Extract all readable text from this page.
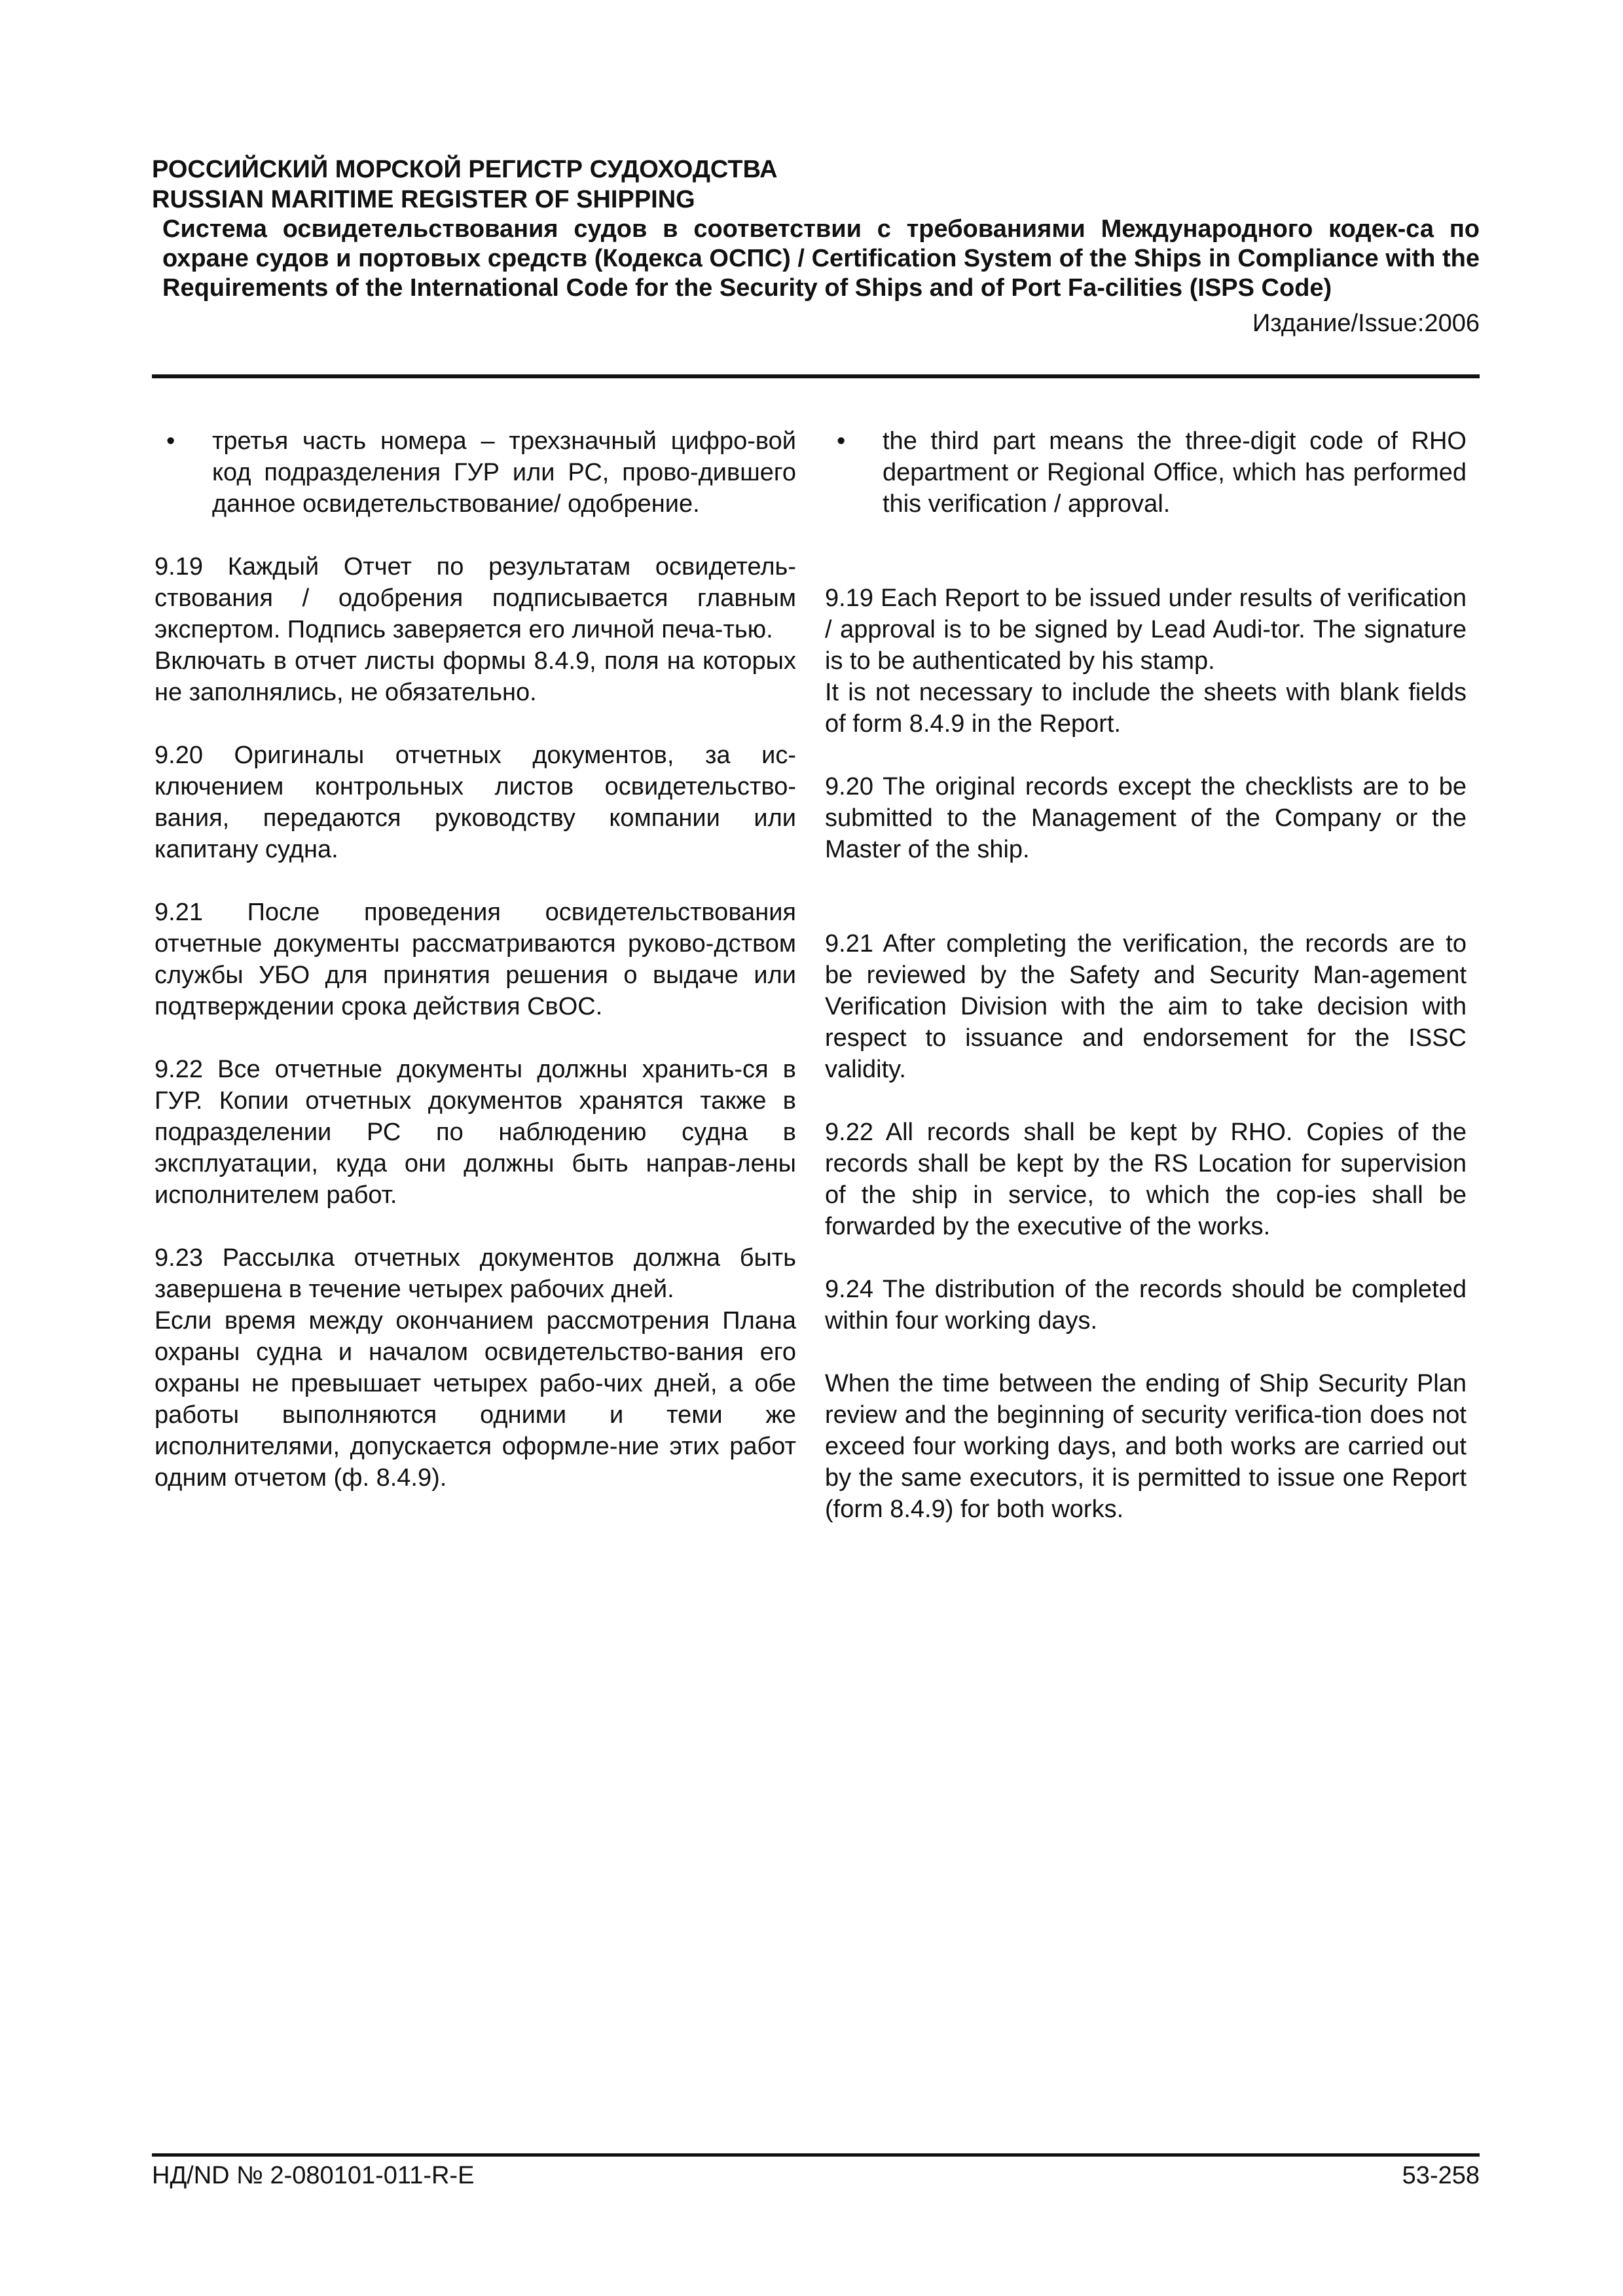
РОССИЙСКИЙ МОРСКОЙ РЕГИСТР СУДОХОДСТВА
RUSSIAN MARITIME REGISTER OF SHIPPING
Система освидетельствования судов в соответствии с требованиями Международного кодек-са по охране судов и портовых средств (Кодекса ОСПС) / Certification System of the Ships in Compliance with the Requirements of the International Code for the Security of Ships and of Port Fa-cilities (ISPS Code)
Издание/Issue:2006
• третья часть номера – трехзначный цифро-вой код подразделения ГУР или РС, прово-дившего данное освидетельствование/ одобрение.

9.19 Каждый Отчет по результатам освидетель-ствования / одобрения подписывается главным экспертом. Подпись заверяется его личной печа-тью.

Включать в отчет листы формы 8.4.9, поля на которых не заполнялись, не обязательно.

9.20 Оригиналы отчетных документов, за ис-ключением контрольных листов освидетельство-вания, передаются руководству компании или капитану судна.

9.21 После проведения освидетельствования отчетные документы рассматриваются руково-дством службы УБО для принятия решения о выдаче или подтверждении срока действия СвОС.

9.22 Все отчетные документы должны хранить-ся в ГУР. Копии отчетных документов хранятся также в подразделении РС по наблюдению судна в эксплуатации, куда они должны быть направ-лены исполнителем работ.

9.23 Рассылка отчетных документов должна быть завершена в течение четырех рабочих дней.

Если время между окончанием рассмотрения Плана охраны судна и началом освидетельство-вания его охраны не превышает четырех рабо-чих дней, а обе работы выполняются одними и теми же исполнителями, допускается оформле-ние этих работ одним отчетом (ф. 8.4.9).

• the third part means the three-digit code of RHO department or Regional Office, which has performed this verification / approval.

9.19 Each Report to be issued under results of verification / approval is to be signed by Lead Audi-tor. The signature is to be authenticated by his stamp.

It is not necessary to include the sheets with blank fields of form 8.4.9 in the Report.

9.20 The original records except the checklists are to be submitted to the Management of the Company or the Master of the ship.

9.21 After completing the verification, the records are to be reviewed by the Safety and Security Man-agement Verification Division with the aim to take decision with respect to issuance and endorsement for the ISSC validity.

9.22 All records shall be kept by RHO. Copies of the records shall be kept by the RS Location for supervision of the ship in service, to which the cop-ies shall be forwarded by the executive of the works.

9.24 The distribution of the records should be completed within four working days.

When the time between the ending of Ship Security Plan review and the beginning of security verifica-tion does not exceed four working days, and both works are carried out by the same executors, it is permitted to issue one Report (form 8.4.9) for both works.

НД/ND № 2-080101-011-R-E	53-258
